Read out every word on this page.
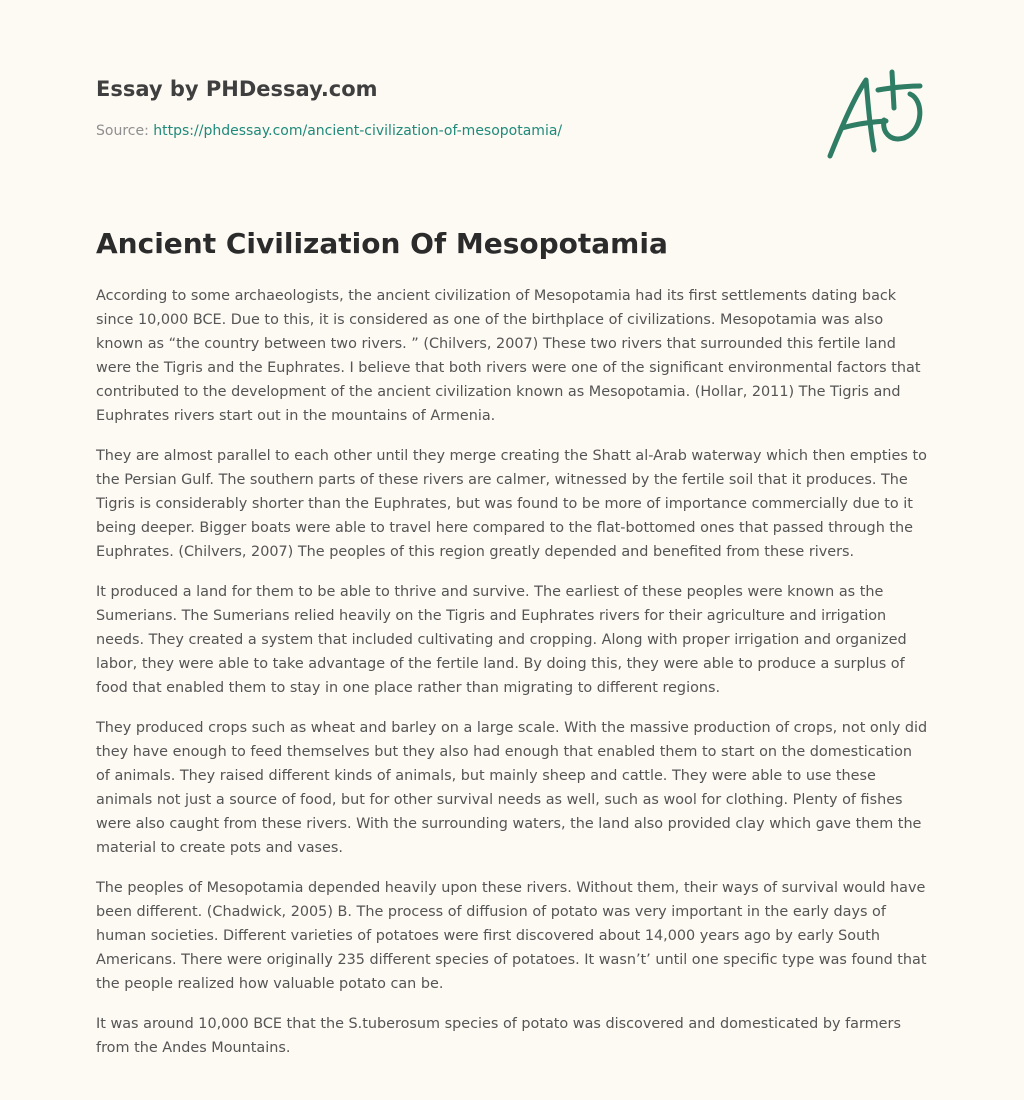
Essay by PHDessay.com
Source: https://phdessay.com/ancient-civilization-of-mesopotamia/
Ancient Civilization Of Mesopotamia

According to some archaeologists, the ancient civilization of Mesopotamia had its first settlements dating back since 10,000 BCE. Due to this, it is considered as one of the birthplace of civilizations. Mesopotamia was also known as “the country between two rivers. ” (Chilvers, 2007) These two rivers that surrounded this fertile land were the Tigris and the Euphrates. I believe that both rivers were one of the significant environmental factors that contributed to the development of the ancient civilization known as Mesopotamia. (Hollar, 2011) The Tigris and Euphrates rivers start out in the mountains of Armenia.

They are almost parallel to each other until they merge creating the Shatt al-Arab waterway which then empties to the Persian Gulf. The southern parts of these rivers are calmer, witnessed by the fertile soil that it produces. The Tigris is considerably shorter than the Euphrates, but was found to be more of importance commercially due to it being deeper. Bigger boats were able to travel here compared to the flat-bottomed ones that passed through the Euphrates. (Chilvers, 2007) The peoples of this region greatly depended and benefited from these rivers.

It produced a land for them to be able to thrive and survive. The earliest of these peoples were known as the Sumerians. The Sumerians relied heavily on the Tigris and Euphrates rivers for their agriculture and irrigation needs. They created a system that included cultivating and cropping. Along with proper irrigation and organized labor, they were able to take advantage of the fertile land. By doing this, they were able to produce a surplus of food that enabled them to stay in one place rather than migrating to different regions.

They produced crops such as wheat and barley on a large scale. With the massive production of crops, not only did they have enough to feed themselves but they also had enough that enabled them to start on the domestication of animals. They raised different kinds of animals, but mainly sheep and cattle. They were able to use these animals not just a source of food, but for other survival needs as well, such as wool for clothing. Plenty of fishes were also caught from these rivers. With the surrounding waters, the land also provided clay which gave them the material to create pots and vases.

The peoples of Mesopotamia depended heavily upon these rivers. Without them, their ways of survival would have been different. (Chadwick, 2005) B. The process of diffusion of potato was very important in the early days of human societies. Different varieties of potatoes were first discovered about 14,000 years ago by early South Americans. There were originally 235 different species of potatoes. It wasn’t’ until one specific type was found that the people realized how valuable potato can be.

It was around 10,000 BCE that the S.tuberosum species of potato was discovered and domesticated by farmers from the Andes Mountains.
